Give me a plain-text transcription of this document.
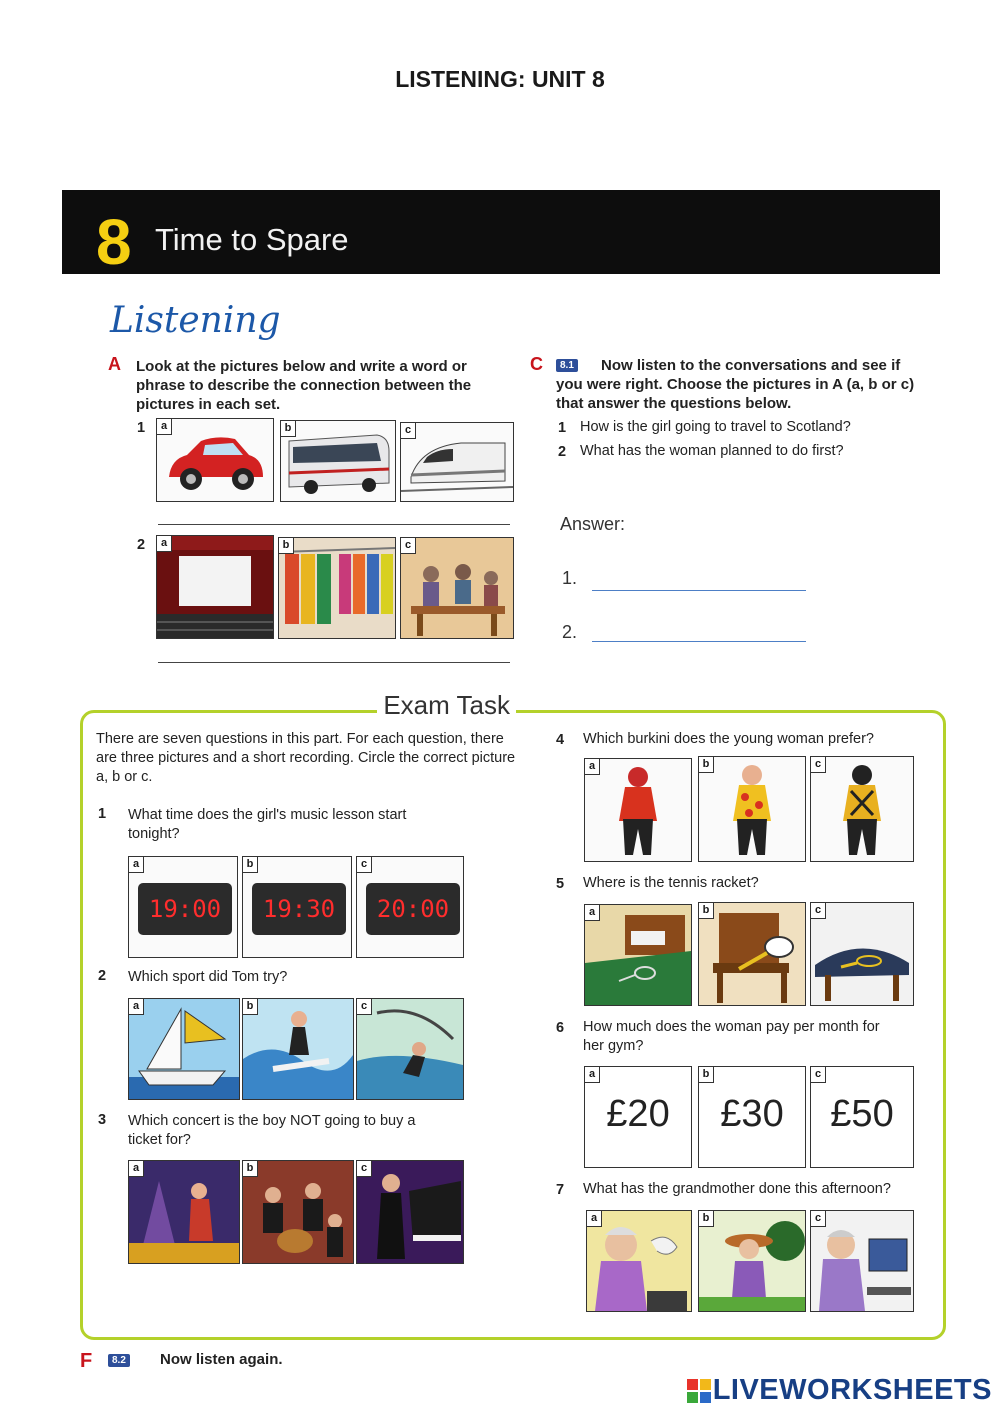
LISTENING: UNIT 8
8 Time to Spare
Listening
A Look at the pictures below and write a word or phrase to describe the connection between the pictures in each set.
1	a	b	c
2	a	b	c
C	8.1	Now listen to the conversations and see if you were right. Choose the pictures in A (a, b or c) that answer the questions below.
1 How is the girl going to travel to Scotland?
2 What has the woman planned to do first?
Answer:
1.
2.
Exam Task
There are seven questions in this part. For each question, there are three pictures and a short recording. Circle the correct picture a, b or c.
1 What time does the girl's music lesson start tonight?
a
19:00
b
19:30
c
20:00
2 Which sport did Tom try?
a	b	c
3 Which concert is the boy NOT going to buy a ticket for?
a	b	c
4 Which burkini does the young woman prefer?
a	b	c
5 Where is the tennis racket?
a	b	c
6 How much does the woman pay per month for her gym?
a
£20
b
£30
c
£50
7 What has the grandmother done this afternoon?
a	b	c
F	8.2 Now listen again.
LIVEWORKSHEETS
